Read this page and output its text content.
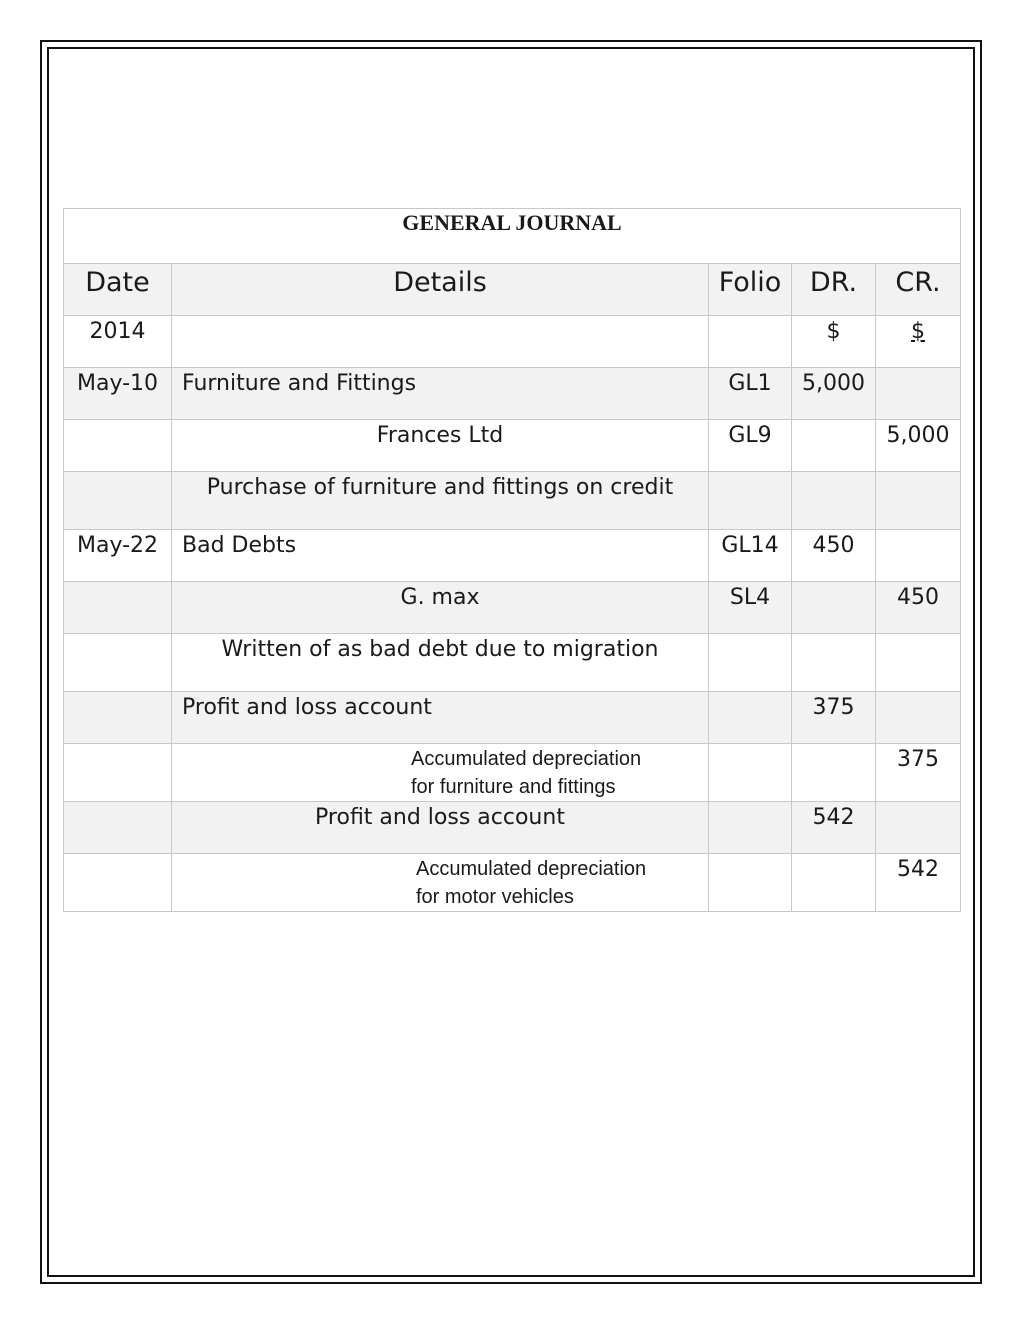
GENERAL JOURNAL				

Date	Details	Folio	DR.	CR.

2014			$	$

May-10	Furniture and Fittings	GL1	5,000	

	Frances Ltd	GL9		5,000

	Purchase of furniture and fittings on credit			

May-22	Bad Debts	GL14	450	

	G. max	SL4		450

	Written of as bad debt due to migration			

	Profit and loss account		375	

	Accumulated depreciation
for furniture and fittings			375

	Profit and loss account		542	

	Accumulated depreciation
for motor vehicles			542
